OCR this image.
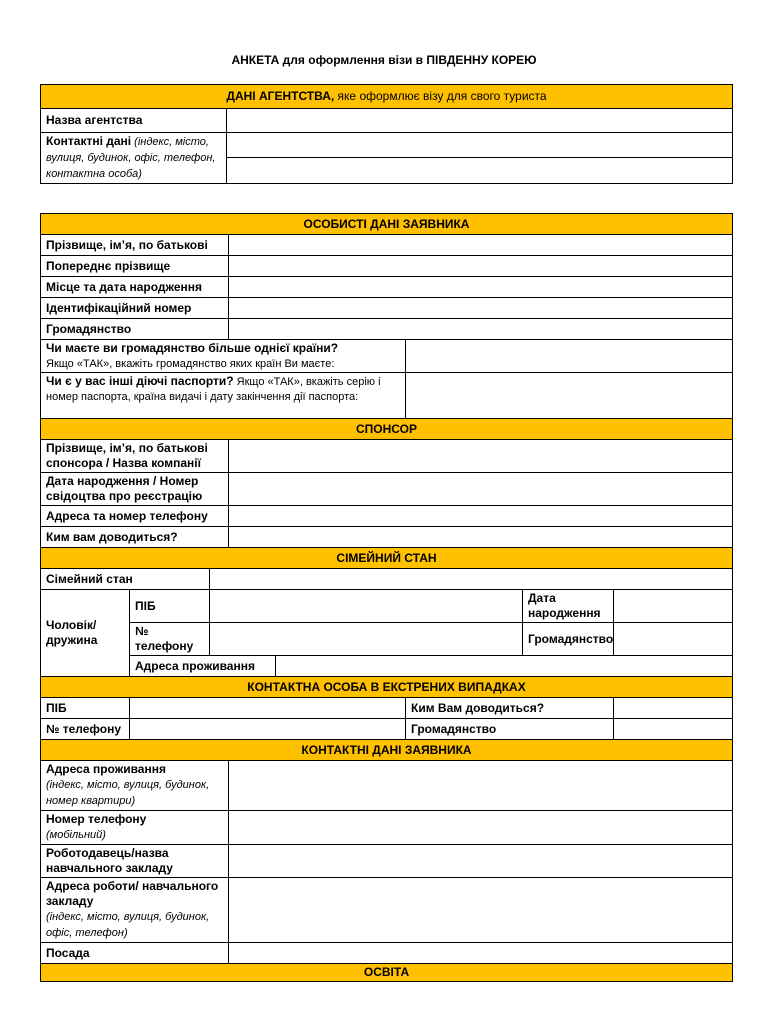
АНКЕТА для оформлення візи в ПІВДЕННУ КОРЕЮ
ДАНІ АГЕНТСТВА, яке оформлює візу для свого туриста	
Назва агентства	
Контактні дані (індекс, місто, вулиця, будинок, офіс, телефон, контактна особа)	

ОСОБИСТІ ДАНІ ЗАЯВНИКА							
Прізвище, ім’я, по батькові							
Попереднє прізвище							
Місце та дата народження							
Ідентифікаційний номер							
Громадянство							
Чи маєте ви громадянство більше однієї країни?
Якщо «ТАК», вкажіть громадянство яких країн Ви маєте:							
Чи є у вас інші діючі паспорти? Якщо «ТАК», вкажіть серію і номер паспорта, країна видачі і дату закінчення дії паспорта:							
СПОНСОР							
Прізвище, ім’я, по батькові спонсора / Назва компанії							
Дата народження / Номер свідоцтва про реєстрацію							
Адреса та номер телефону							
Ким вам доводиться?							
СІМЕЙНИЙ СТАН							
Сімейний стан							
Чоловік/ дружина	ПІБ					Дата народження	
	№ телефону					Громадянство	
	Адреса проживання						
КОНТАКТНА ОСОБА В ЕКСТРЕНИХ ВИПАДКАХ							
ПІБ					Ким Вам доводиться?		
№ телефону					Громадянство		
КОНТАКТНІ ДАНІ ЗАЯВНИКА							
Адреса проживання
(індекс, місто, вулиця, будинок, номер квартири)							
Номер телефону
(мобільний)							
Роботодавець/назва навчального закладу							
Адреса роботи/ навчального закладу
(індекс, місто, вулиця, будинок, офіс, телефон)							
Посада							
ОСВІТА							
